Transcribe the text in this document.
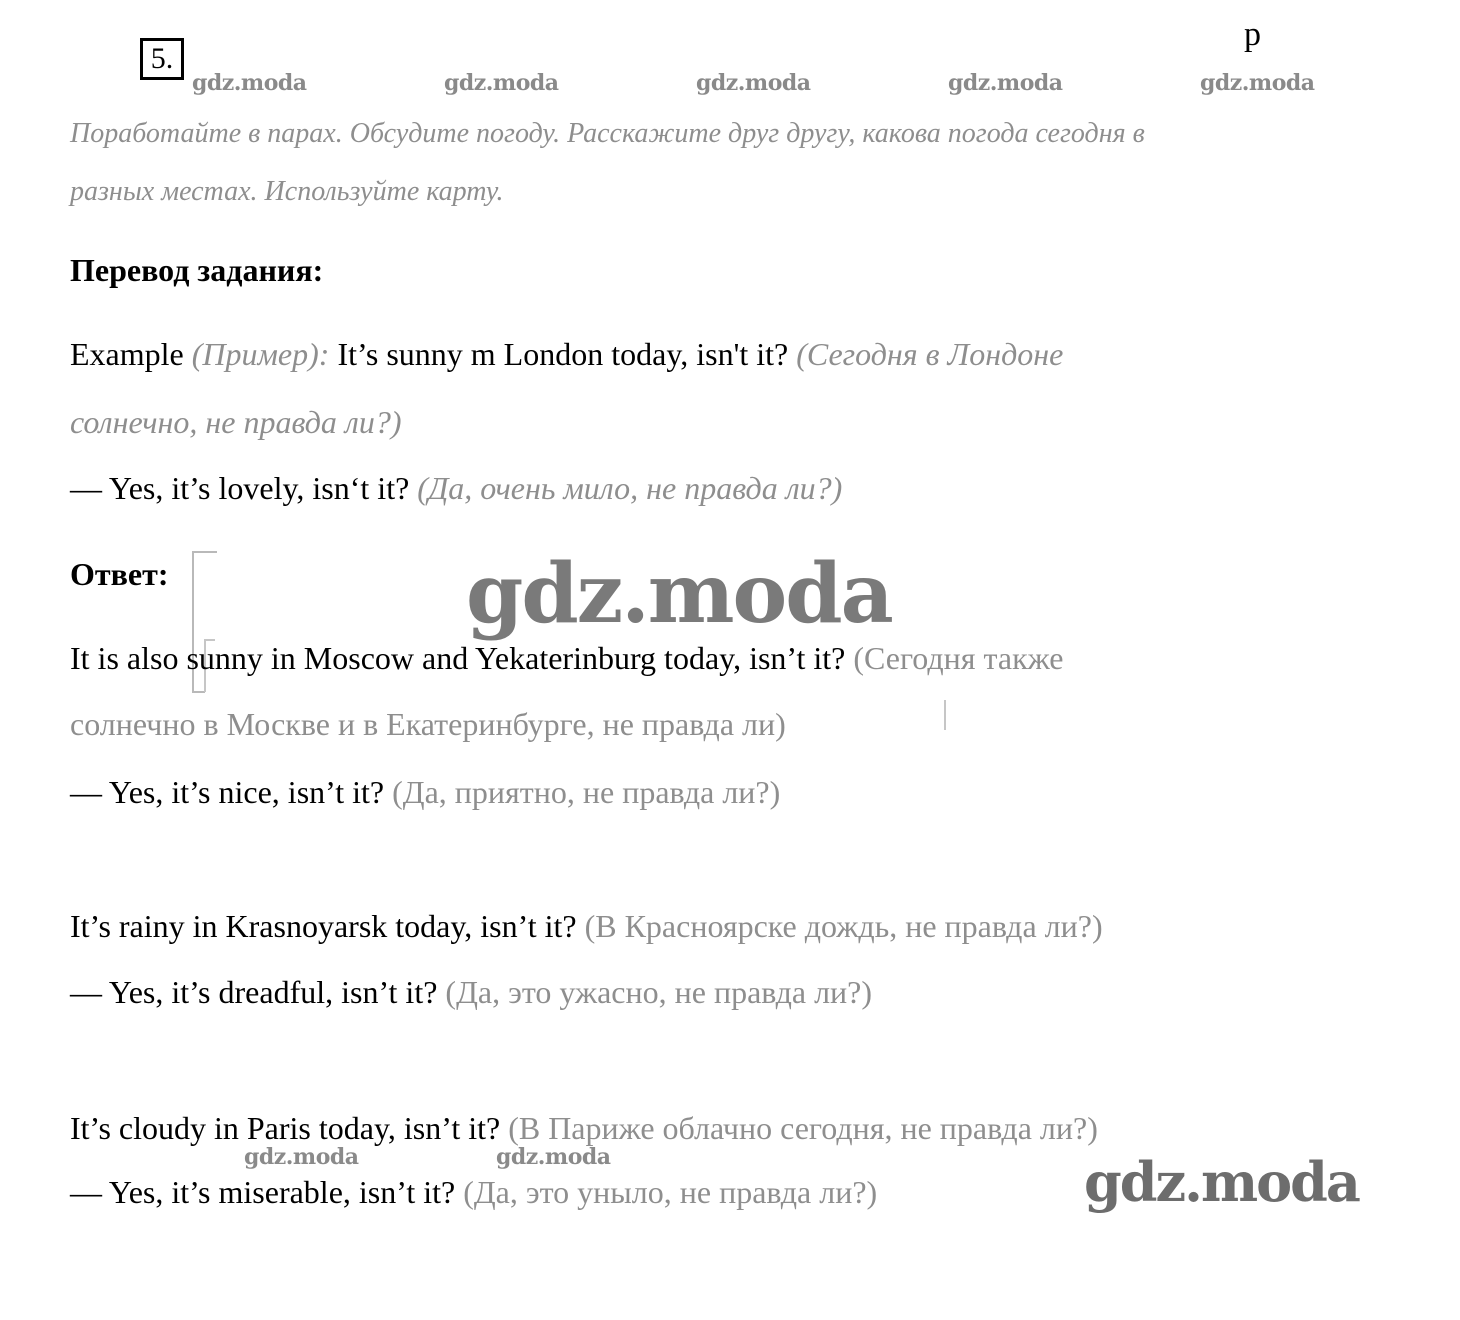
5.
p
gdz.moda	gdz.moda	gdz.moda	gdz.moda	gdz.moda
Поработайте в парах. Обсудите погоду. Расскажите друг другу, какова погода сегодня в
разных местах. Используйте карту.
Перевод задания:
Example (Пример): It’s sunny m London today, isn't it? (Сегодня в Лондоне
солнечно, не правда ли?)
— Yes, it’s lovely, isn‘t it? (Да, очень мило, не правда ли?)
Ответ:	gdz.moda
It is also sunny in Moscow and Yekaterinburg today, isn’t it? (Сегодня также
солнечно в Москве и в Екатеринбурге, не правда ли)
— Yes, it’s nice, isn’t it? (Да, приятно, не правда ли?)
It’s rainy in Krasnoyarsk today, isn’t it? (В Красноярске дождь, не правда ли?)
— Yes, it’s dreadful, isn’t it? (Да, это ужасно, не правда ли?)
It’s cloudy in Paris today, isn’t it? (В Париже облачно сегодня, не правда ли?)
gdz.moda	gdz.moda
— Yes, it’s miserable, isn’t it? (Да, это уныло, не правда ли?)	gdz.moda
